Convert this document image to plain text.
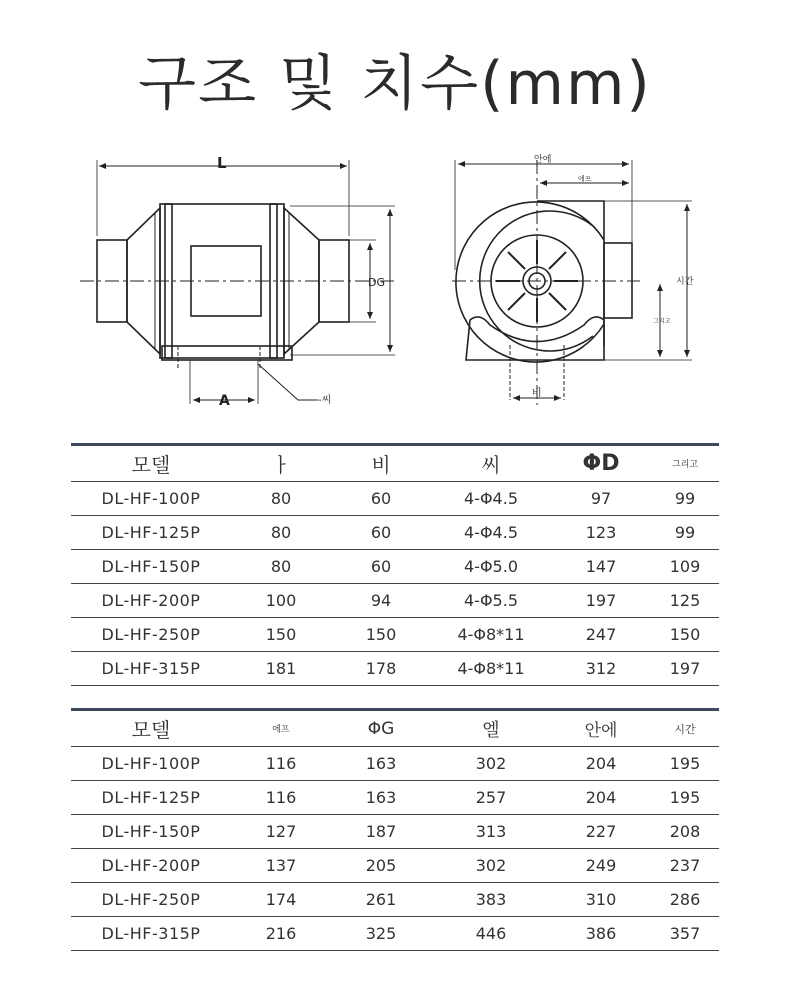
구조 및 치수(mm)
L
DG
A	-씨
안에
에프
시간
그리고
비
모델	ㅏ	비	씨	ΦD	그리고
DL-HF-100P	80	60	4-Φ4.5	97	99
DL-HF-125P	80	60	4-Φ4.5	123	99
DL-HF-150P	80	60	4-Φ5.0	147	109
DL-HF-200P	100	94	4-Φ5.5	197	125
DL-HF-250P	150	150	4-Φ8*11	247	150
DL-HF-315P	181	178	4-Φ8*11	312	197
모델	에프	ΦG	엘	안에	시간
DL-HF-100P	116	163	302	204	195
DL-HF-125P	116	163	257	204	195
DL-HF-150P	127	187	313	227	208
DL-HF-200P	137	205	302	249	237
DL-HF-250P	174	261	383	310	286
DL-HF-315P	216	325	446	386	357
